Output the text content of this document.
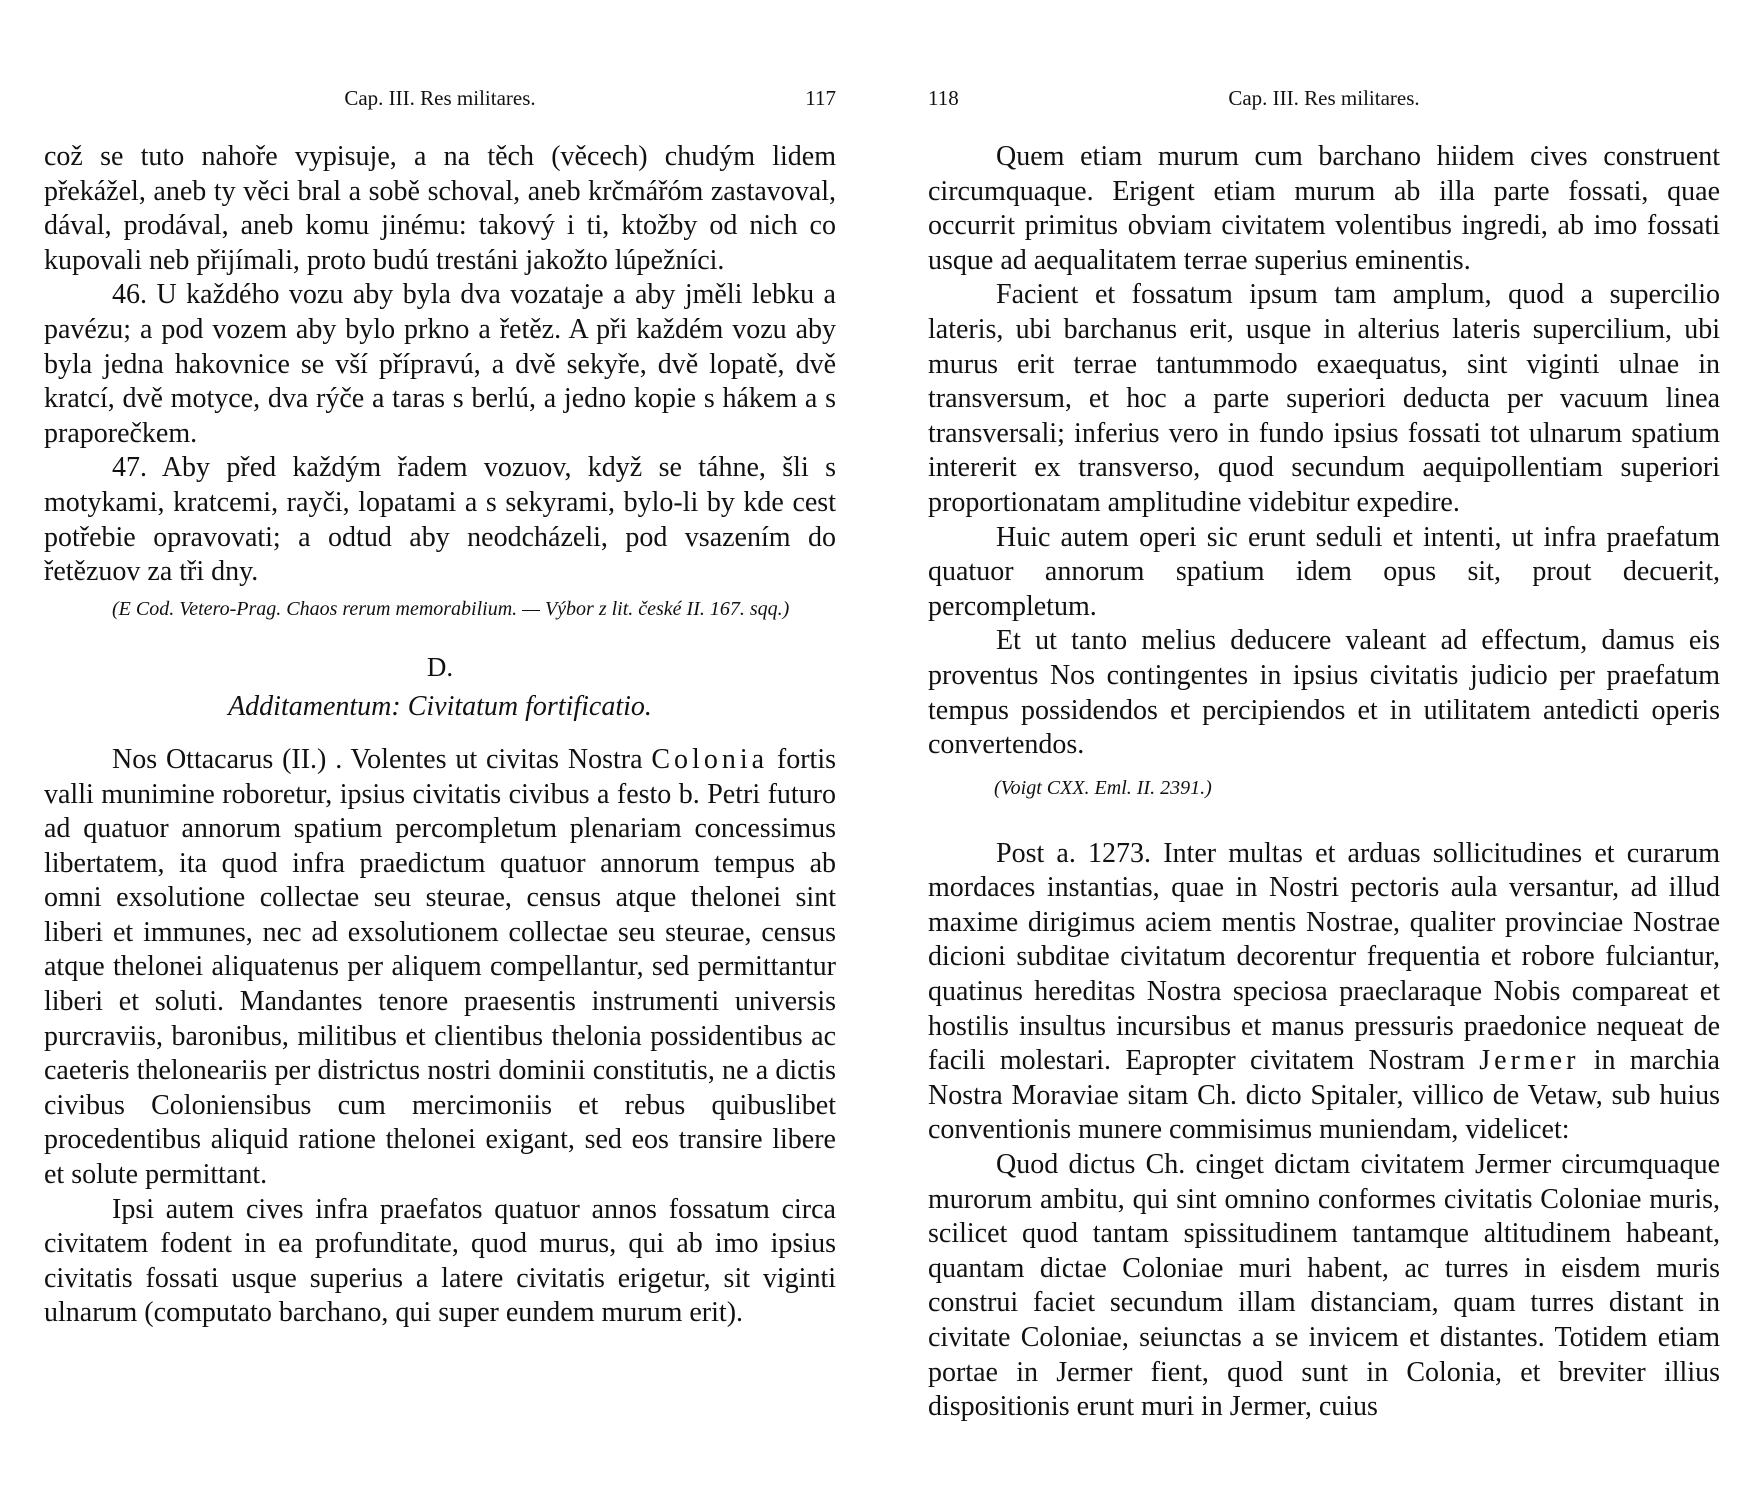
Cap. III. Res militares.	117

což se tuto nahoře vypisuje, a na těch (věcech) chudým lidem překážel, aneb ty věci bral a sobě schoval, aneb krčmářóm zastavoval, dával, prodával, aneb komu jinému: takový i ti, ktožby od nich co kupovali neb přijímali, proto budú trestáni jakožto lúpežníci.

46. U každého vozu aby byla dva vozataje a aby jměli lebku a pavézu; a pod vozem aby bylo prkno a řetěz. A při každém vozu aby byla jedna hakovnice se vší přípravú, a dvě sekyře, dvě lopatě, dvě kratcí, dvě motyce, dva rýče a taras s berlú, a jedno kopie s hákem a s praporečkem.

47. Aby před každým řadem vozuov, když se táhne, šli s motykami, kratcemi, rayči, lopatami a s sekyrami, bylo-li by kde cest potřebie opravovati; a odtud aby neodcházeli, pod vsazením do řetězuov za tři dny.

(E Cod. Vetero-Prag. Chaos rerum memorabilium. — Výbor z lit. české II. 167. sqq.)

D.

Additamentum: Civitatum fortificatio.

Nos Ottacarus (II.) . Volentes ut civitas Nostra Colonia fortis valli munimine roboretur, ipsius civitatis civibus a festo b. Petri futuro ad quatuor annorum spatium percompletum plenariam concessimus libertatem, ita quod infra praedictum quatuor annorum tempus ab omni exsolutione collectae seu steurae, census atque thelonei sint liberi et immunes, nec ad exsolutionem collectae seu steurae, census atque thelonei aliquatenus per aliquem compellantur, sed permittantur liberi et soluti. Mandantes tenore praesentis instrumenti universis purcraviis, baronibus, militibus et clientibus thelonia possidentibus ac caeteris theloneariis per districtus nostri dominii constitutis, ne a dictis civibus Coloniensibus cum mercimoniis et rebus quibuslibet procedentibus aliquid ratione thelonei exigant, sed eos transire libere et solute permittant.

Ipsi autem cives infra praefatos quatuor annos fossatum circa civitatem fodent in ea profunditate, quod murus, qui ab imo ipsius civitatis fossati usque superius a latere civitatis erigetur, sit viginti ulnarum (computato barchano, qui super eundem murum erit).

118	Cap. III. Res militares.

Quem etiam murum cum barchano hiidem cives construent circumquaque. Erigent etiam murum ab illa parte fossati, quae occurrit primitus obviam civitatem volentibus ingredi, ab imo fossati usque ad aequalitatem terrae superius eminentis.

Facient et fossatum ipsum tam amplum, quod a supercilio lateris, ubi barchanus erit, usque in alterius lateris supercilium, ubi murus erit terrae tantummodo exaequatus, sint viginti ulnae in transversum, et hoc a parte superiori deducta per vacuum linea transversali; inferius vero in fundo ipsius fossati tot ulnarum spatium intererit ex transverso, quod secundum aequipollentiam superiori proportionatam amplitudine videbitur expedire.

Huic autem operi sic erunt seduli et intenti, ut infra praefatum quatuor annorum spatium idem opus sit, prout decuerit, percompletum.

Et ut tanto melius deducere valeant ad effectum, damus eis proventus Nos contingentes in ipsius civitatis judicio per praefatum tempus possidendos et percipiendos et in utilitatem antedicti operis convertendos.

(Voigt CXX. Eml. II. 2391.)

Post a. 1273. Inter multas et arduas sollicitudines et curarum mordaces instantias, quae in Nostri pectoris aula versantur, ad illud maxime dirigimus aciem mentis Nostrae, qualiter provinciae Nostrae dicioni subditae civitatum decorentur frequentia et robore fulciantur, quatinus hereditas Nostra speciosa praeclaraque Nobis compareat et hostilis insultus incursibus et manus pressuris praedonice nequeat de facili molestari. Eapropter civitatem Nostram Jermer in marchia Nostra Moraviae sitam Ch. dicto Spitaler, villico de Vetaw, sub huius conventionis munere commisimus muniendam, videlicet:

Quod dictus Ch. cinget dictam civitatem Jermer circumquaque murorum ambitu, qui sint omnino conformes civitatis Coloniae muris, scilicet quod tantam spissitudinem tantamque altitudinem habeant, quantam dictae Coloniae muri habent, ac turres in eisdem muris construi faciet secundum illam distanciam, quam turres distant in civitate Coloniae, seiunctas a se invicem et distantes. Totidem etiam portae in Jermer fient, quod sunt in Colonia, et breviter illius dispositionis erunt muri in Jermer, cuius
